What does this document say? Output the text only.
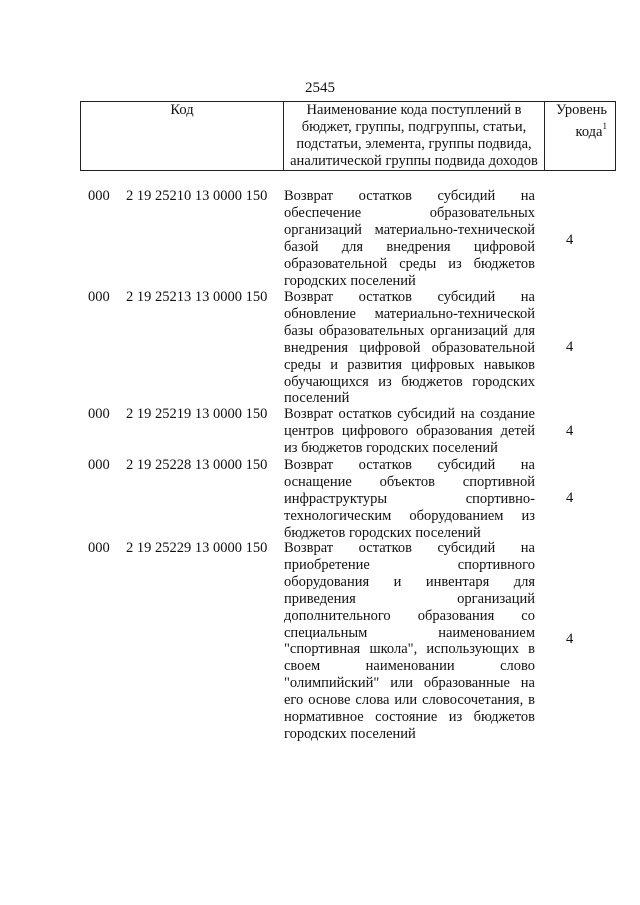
2545
Код	Наименование кода поступлений в бюджет, группы, подгруппы, статьи, подстатьи, элемента, группы подвида, аналитической группы подвида доходов	Уровень кода$^1$
000 2 19 25210 13 0000 150 Возврат остатков субсидий на обеспечение образовательных организаций материально-технической базой для внедрения цифровой образовательной среды из бюджетов городских поселений
4
000 2 19 25213 13 0000 150 Возврат остатков субсидий на обновление материально-технической базы образовательных организаций для внедрения цифровой образовательной среды и развития цифровых навыков обучающихся из бюджетов городских поселений
4
000 2 19 25219 13 0000 150 Возврат остатков субсидий на создание центров цифрового образования детей из бюджетов городских поселений
4
000 2 19 25228 13 0000 150 Возврат остатков субсидий на оснащение объектов спортивной инфраструктуры спортивно-технологическим оборудованием из бюджетов городских поселений
4
000 2 19 25229 13 0000 150 Возврат остатков субсидий на приобретение спортивного оборудования и инвентаря для приведения организаций дополнительного образования со специальным наименованием "спортивная школа", использующих в своем наименовании слово "олимпийский" или образованные на его основе слова или словосочетания, в нормативное состояние из бюджетов городских поселений
4
